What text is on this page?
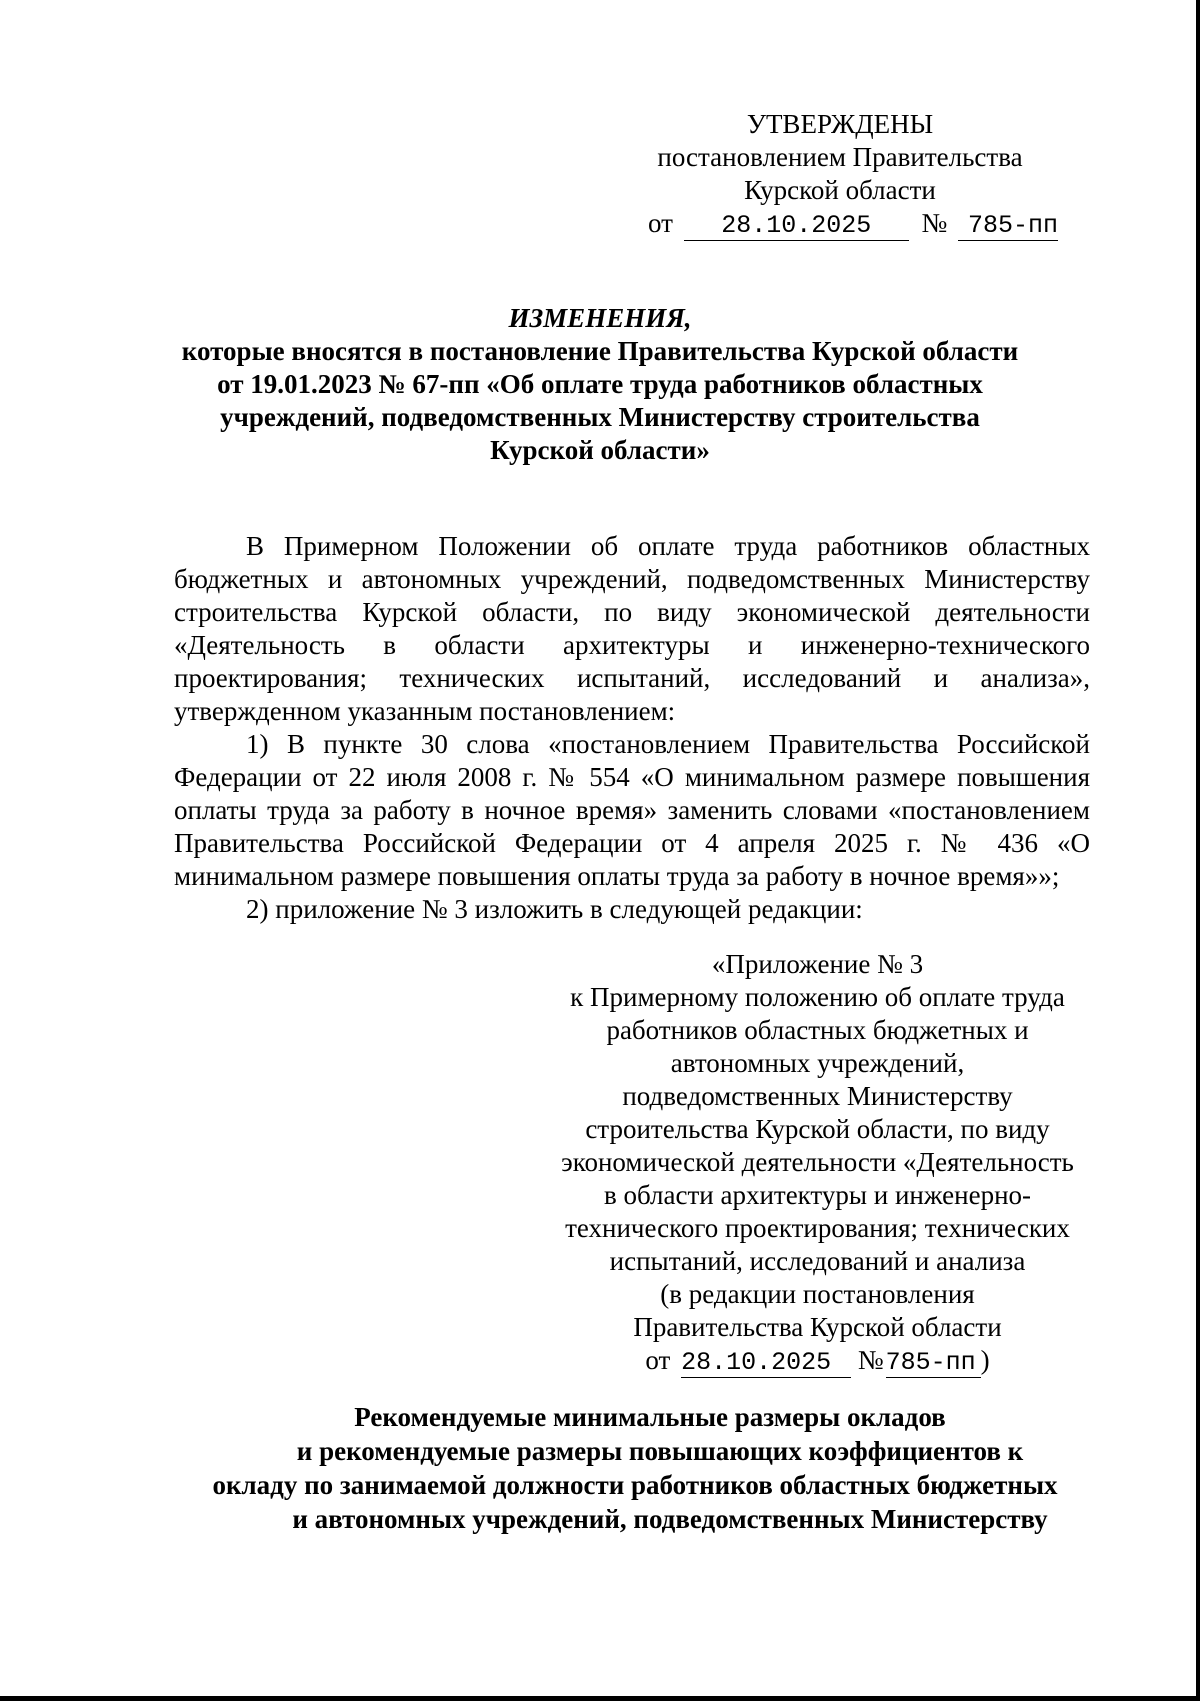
УТВЕРЖДЕНЫ
постановлением Правительства
Курской области
от 28.10.2025 № 785-пп
ИЗМЕНЕНИЯ,
которые вносятся в постановление Правительства Курской области
от 19.01.2023 № 67-пп «Об оплате труда работников областных
учреждений, подведомственных Министерству строительства
Курской области»

В Примерном Положении об оплате труда работников областных бюджетных и автономных учреждений, подведомственных Министерству строительства Курской области, по виду экономической деятельности «Деятельность в области архитектуры и инженерно-технического проектирования; технических испытаний, исследований и анализа», утвержденном указанным постановлением:

1) В пункте 30 слова «постановлением Правительства Российской Федерации от 22 июля 2008 г. № 554 «О минимальном размере повышения оплаты труда за работу в ночное время» заменить словами «постановлением Правительства Российской Федерации от 4 апреля 2025 г. № 436 «О минимальном размере повышения оплаты труда за работу в ночное время»»;

2) приложение № 3 изложить в следующей редакции:

«Приложение № 3
к Примерному положению об оплате труда
работников областных бюджетных и
автономных учреждений,
подведомственных Министерству
строительства Курской области, по виду
экономической деятельности «Деятельность
в области архитектуры и инженерно-
технического проектирования; технических
испытаний, исследований и анализа
(в редакции постановления
Правительства Курской области
от 28.10.2025 №785-пп )
Рекомендуемые минимальные размеры окладов
и рекомендуемые размеры повышающих коэффициентов к
окладу по занимаемой должности работников областных бюджетных
и автономных учреждений, подведомственных Министерству
